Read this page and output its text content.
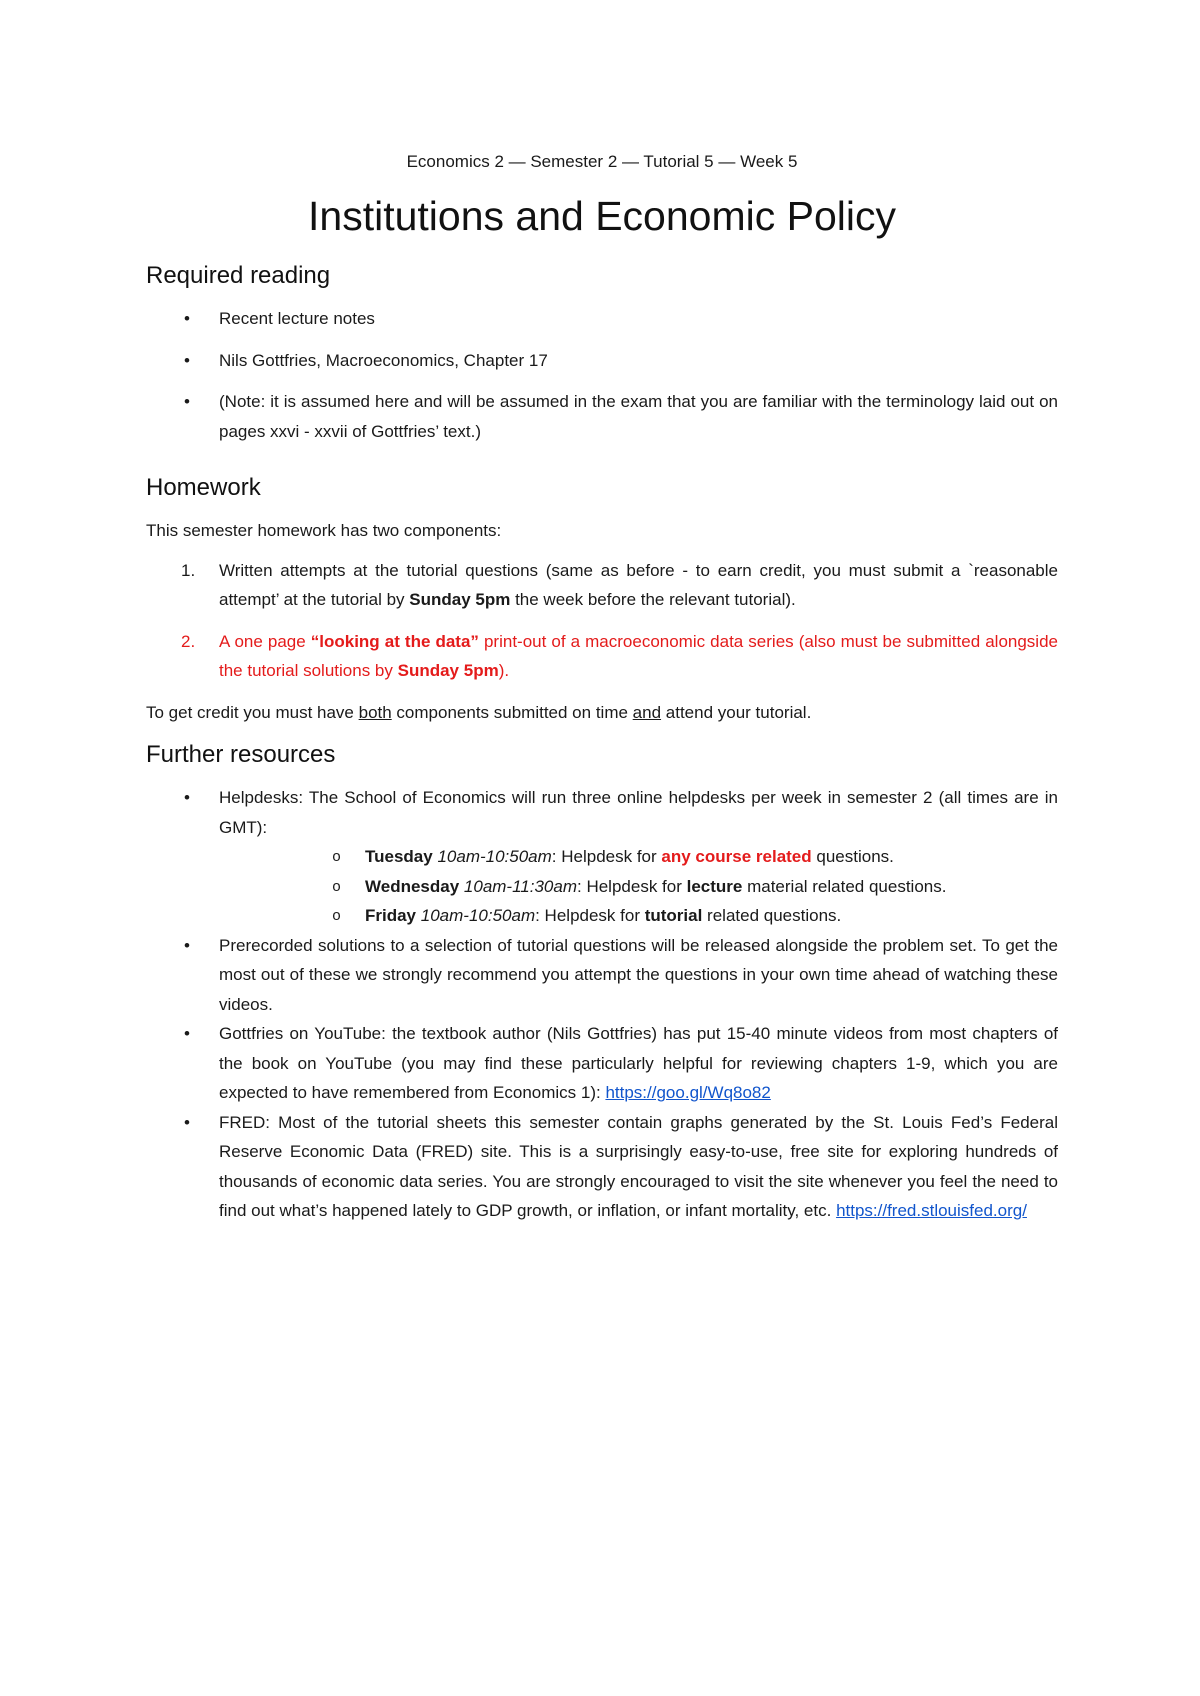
Economics 2 — Semester 2 — Tutorial 5 — Week 5

Institutions and Economic Policy
Required reading
• Recent lecture notes
• Nils Gottfries, Macroeconomics, Chapter 17
• (Note: it is assumed here and will be assumed in the exam that you are familiar with the terminology laid out on pages xxvi - xxvii of Gottfries’ text.)
Homework

This semester homework has two components:

1. Written attempts at the tutorial questions (same as before - to earn credit, you must submit a `reasonable attempt’ at the tutorial by Sunday 5pm the week before the relevant tutorial).
2. A one page “looking at the data” print-out of a macroeconomic data series (also must be submitted alongside the tutorial solutions by Sunday 5pm).

To get credit you must have both components submitted on time and attend your tutorial.

Further resources
• Helpdesks: The School of Economics will run three online helpdesks per week in semester 2 (all times are in GMT):
o Tuesday 10am-10:50am: Helpdesk for any course related questions.
o Wednesday 10am-11:30am: Helpdesk for lecture material related questions.
o Friday 10am-10:50am: Helpdesk for tutorial related questions.
• Prerecorded solutions to a selection of tutorial questions will be released alongside the problem set. To get the most out of these we strongly recommend you attempt the questions in your own time ahead of watching these videos.
• Gottfries on YouTube: the textbook author (Nils Gottfries) has put 15-40 minute videos from most chapters of the book on YouTube (you may find these particularly helpful for reviewing chapters 1-9, which you are expected to have remembered from Economics 1): https://goo.gl/Wq8o82
• FRED: Most of the tutorial sheets this semester contain graphs generated by the St. Louis Fed’s Federal Reserve Economic Data (FRED) site. This is a surprisingly easy-to-use, free site for exploring hundreds of thousands of economic data series. You are strongly encouraged to visit the site whenever you feel the need to find out what’s happened lately to GDP growth, or inflation, or infant mortality, etc. https://fred.stlouisfed.org/
